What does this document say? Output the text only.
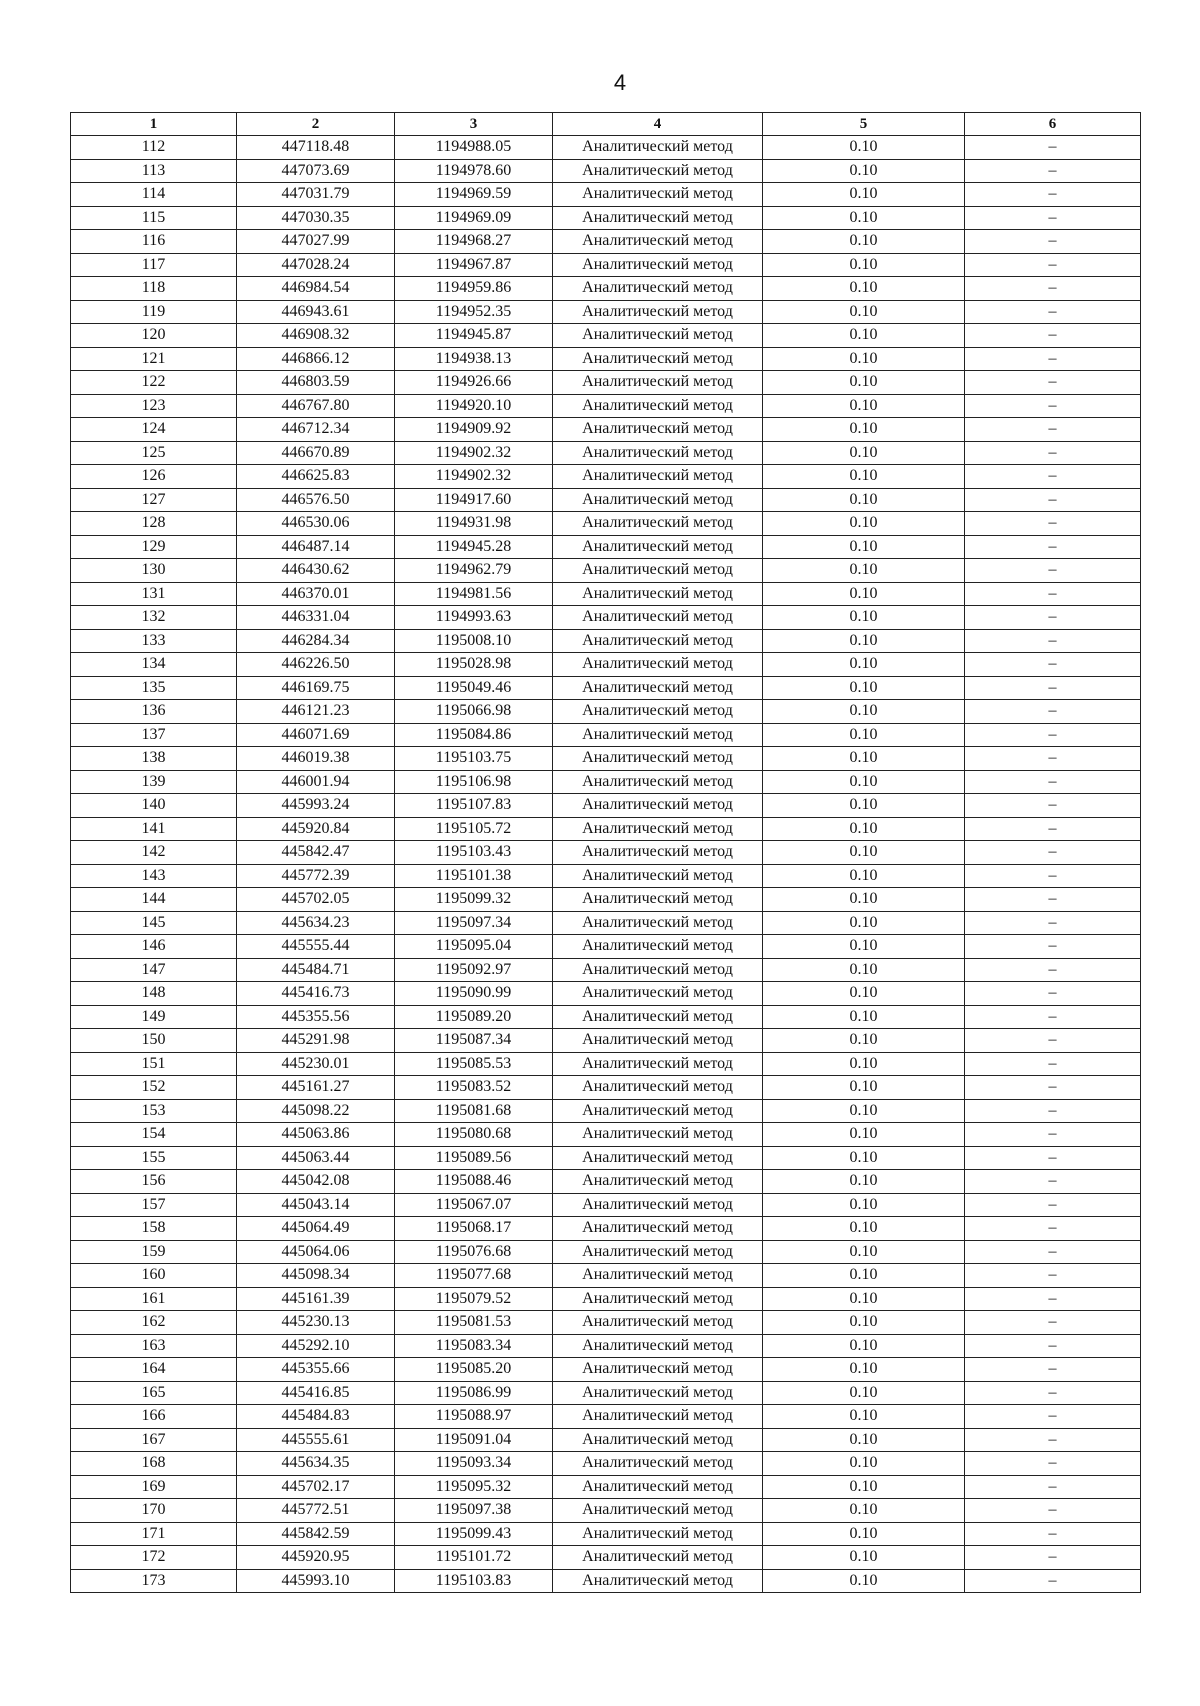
4
1	2	3	4	5	6
112	447118.48	1194988.05	Аналитический метод	0.10	–
113	447073.69	1194978.60	Аналитический метод	0.10	–
114	447031.79	1194969.59	Аналитический метод	0.10	–
115	447030.35	1194969.09	Аналитический метод	0.10	–
116	447027.99	1194968.27	Аналитический метод	0.10	–
117	447028.24	1194967.87	Аналитический метод	0.10	–
118	446984.54	1194959.86	Аналитический метод	0.10	–
119	446943.61	1194952.35	Аналитический метод	0.10	–
120	446908.32	1194945.87	Аналитический метод	0.10	–
121	446866.12	1194938.13	Аналитический метод	0.10	–
122	446803.59	1194926.66	Аналитический метод	0.10	–
123	446767.80	1194920.10	Аналитический метод	0.10	–
124	446712.34	1194909.92	Аналитический метод	0.10	–
125	446670.89	1194902.32	Аналитический метод	0.10	–
126	446625.83	1194902.32	Аналитический метод	0.10	–
127	446576.50	1194917.60	Аналитический метод	0.10	–
128	446530.06	1194931.98	Аналитический метод	0.10	–
129	446487.14	1194945.28	Аналитический метод	0.10	–
130	446430.62	1194962.79	Аналитический метод	0.10	–
131	446370.01	1194981.56	Аналитический метод	0.10	–
132	446331.04	1194993.63	Аналитический метод	0.10	–
133	446284.34	1195008.10	Аналитический метод	0.10	–
134	446226.50	1195028.98	Аналитический метод	0.10	–
135	446169.75	1195049.46	Аналитический метод	0.10	–
136	446121.23	1195066.98	Аналитический метод	0.10	–
137	446071.69	1195084.86	Аналитический метод	0.10	–
138	446019.38	1195103.75	Аналитический метод	0.10	–
139	446001.94	1195106.98	Аналитический метод	0.10	–
140	445993.24	1195107.83	Аналитический метод	0.10	–
141	445920.84	1195105.72	Аналитический метод	0.10	–
142	445842.47	1195103.43	Аналитический метод	0.10	–
143	445772.39	1195101.38	Аналитический метод	0.10	–
144	445702.05	1195099.32	Аналитический метод	0.10	–
145	445634.23	1195097.34	Аналитический метод	0.10	–
146	445555.44	1195095.04	Аналитический метод	0.10	–
147	445484.71	1195092.97	Аналитический метод	0.10	–
148	445416.73	1195090.99	Аналитический метод	0.10	–
149	445355.56	1195089.20	Аналитический метод	0.10	–
150	445291.98	1195087.34	Аналитический метод	0.10	–
151	445230.01	1195085.53	Аналитический метод	0.10	–
152	445161.27	1195083.52	Аналитический метод	0.10	–
153	445098.22	1195081.68	Аналитический метод	0.10	–
154	445063.86	1195080.68	Аналитический метод	0.10	–
155	445063.44	1195089.56	Аналитический метод	0.10	–
156	445042.08	1195088.46	Аналитический метод	0.10	–
157	445043.14	1195067.07	Аналитический метод	0.10	–
158	445064.49	1195068.17	Аналитический метод	0.10	–
159	445064.06	1195076.68	Аналитический метод	0.10	–
160	445098.34	1195077.68	Аналитический метод	0.10	–
161	445161.39	1195079.52	Аналитический метод	0.10	–
162	445230.13	1195081.53	Аналитический метод	0.10	–
163	445292.10	1195083.34	Аналитический метод	0.10	–
164	445355.66	1195085.20	Аналитический метод	0.10	–
165	445416.85	1195086.99	Аналитический метод	0.10	–
166	445484.83	1195088.97	Аналитический метод	0.10	–
167	445555.61	1195091.04	Аналитический метод	0.10	–
168	445634.35	1195093.34	Аналитический метод	0.10	–
169	445702.17	1195095.32	Аналитический метод	0.10	–
170	445772.51	1195097.38	Аналитический метод	0.10	–
171	445842.59	1195099.43	Аналитический метод	0.10	–
172	445920.95	1195101.72	Аналитический метод	0.10	–
173	445993.10	1195103.83	Аналитический метод	0.10	–
